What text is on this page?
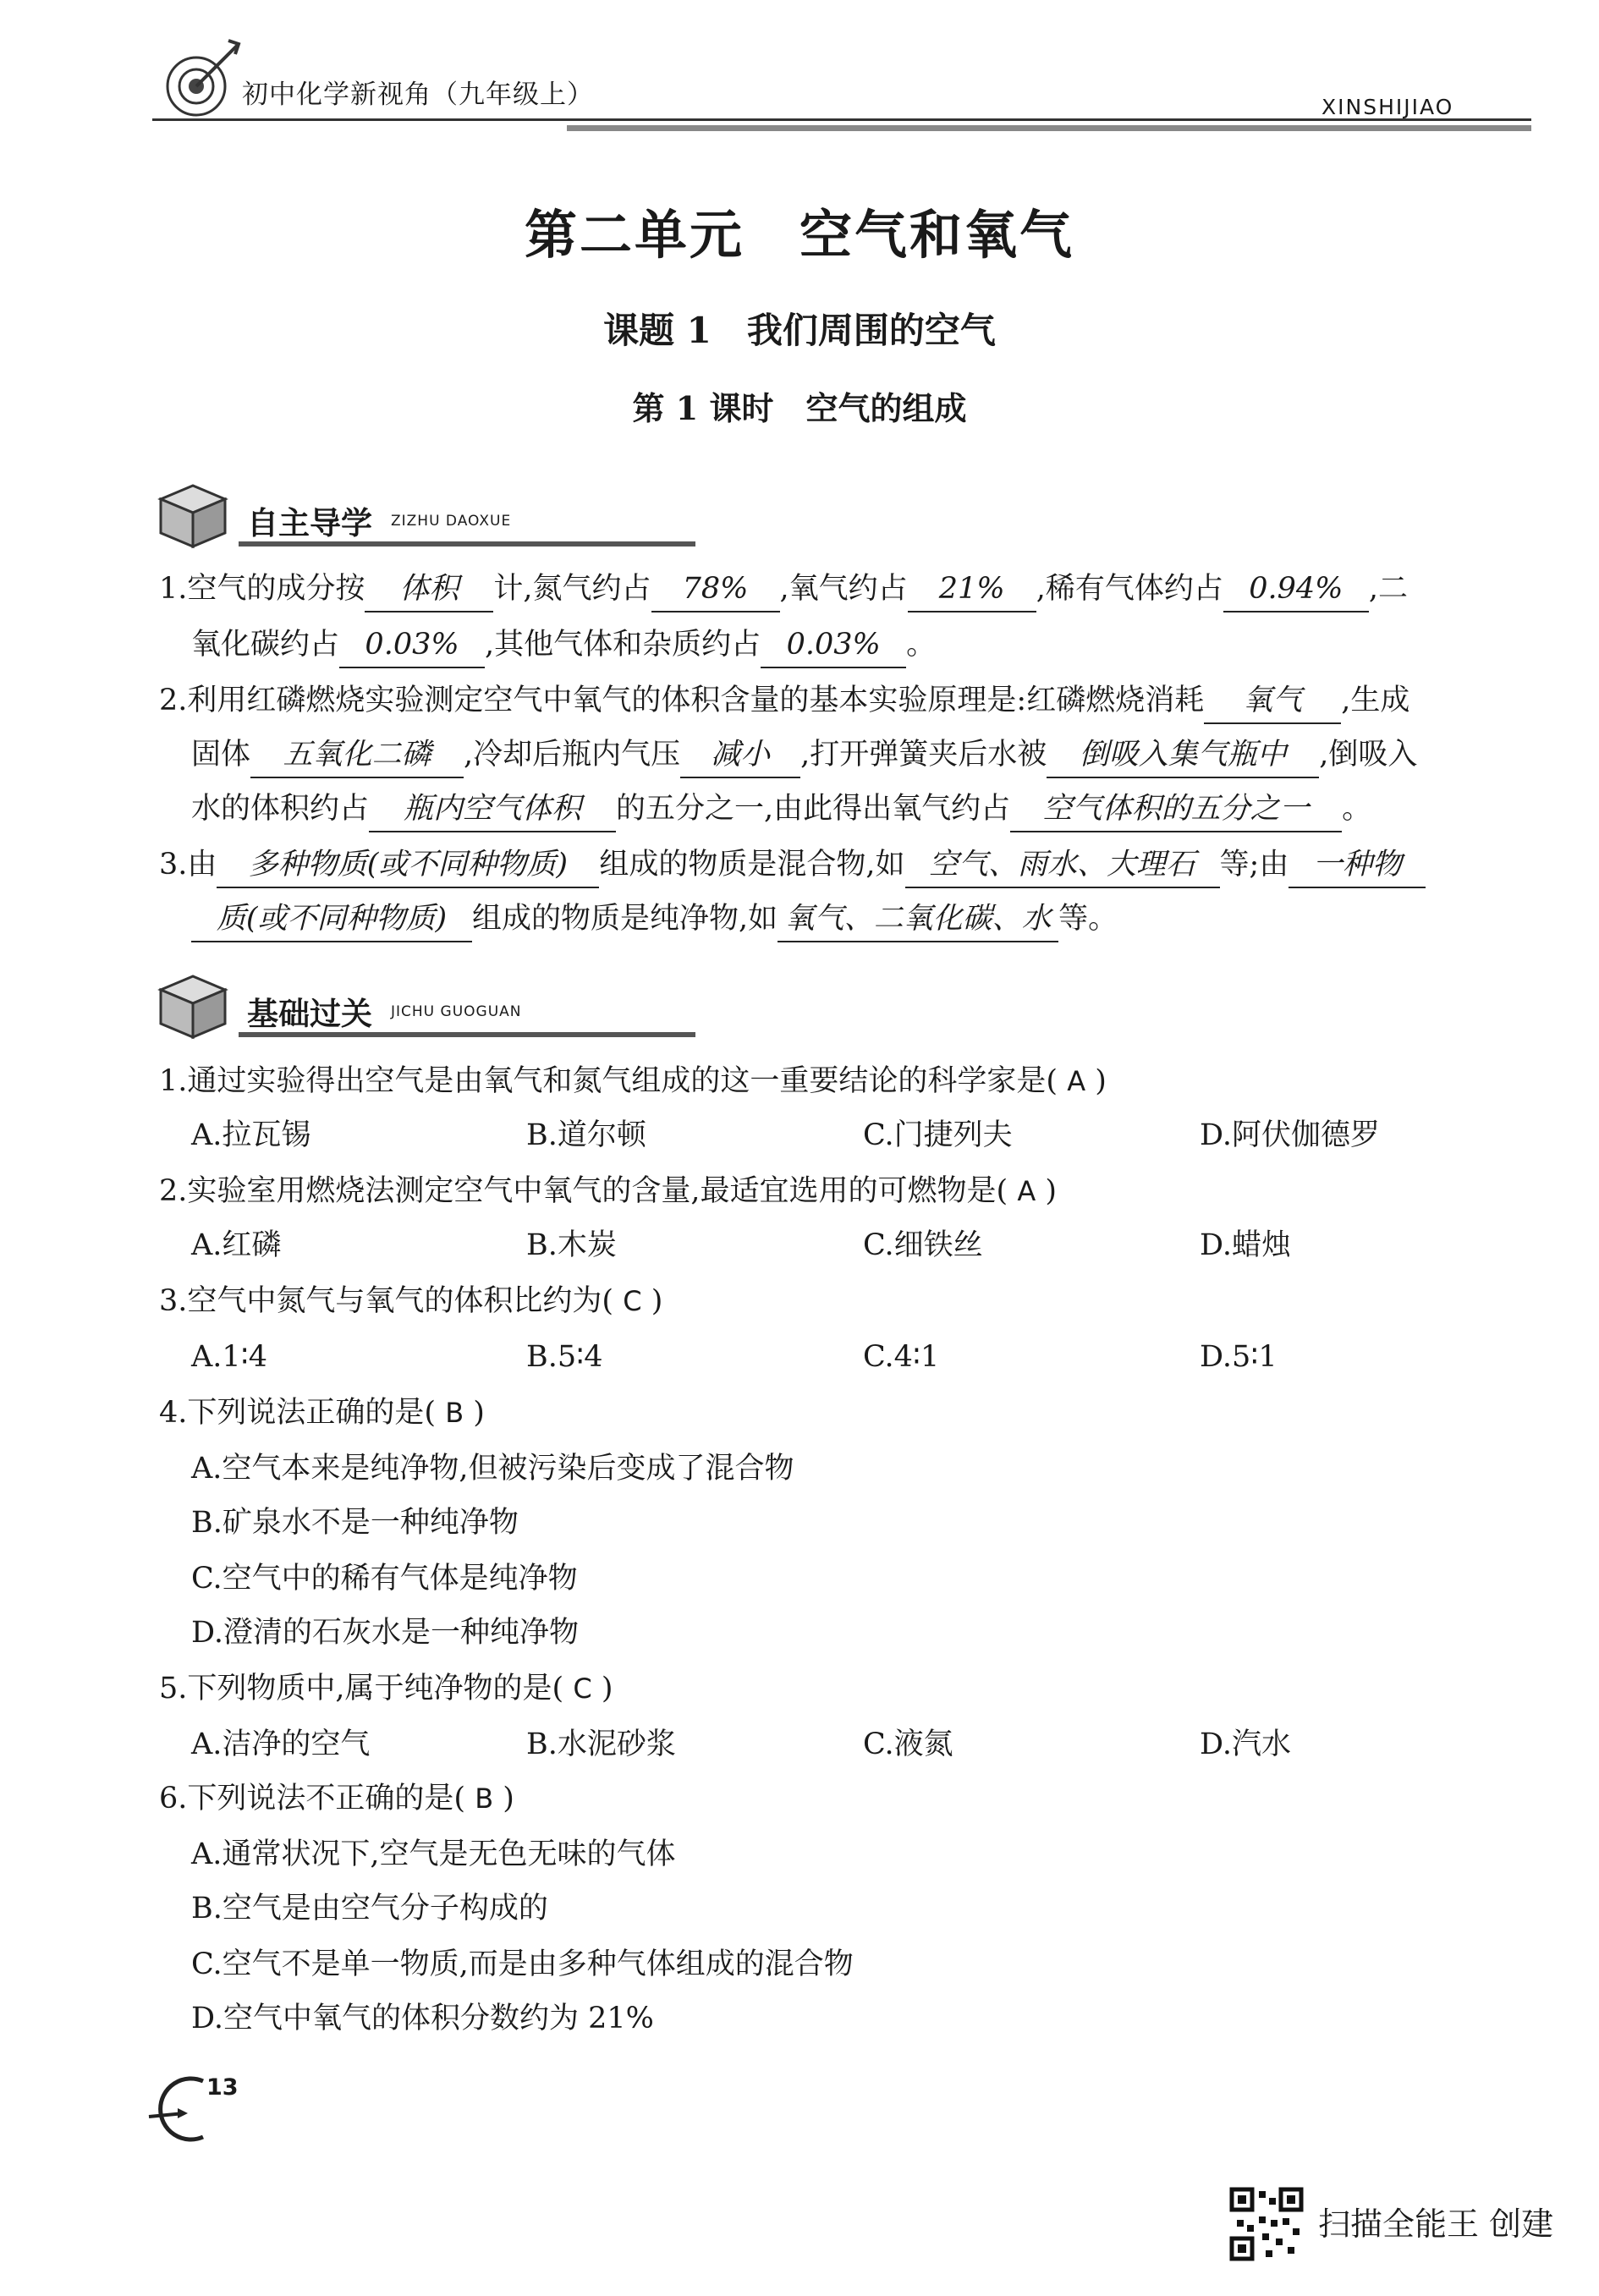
初中化学新视角（九年级上）	XINSHIJIAO
第二单元　空气和氧气
课题 1　我们周围的空气
第 1 课时　空气的组成
自主导学 ZIZHU DAOXUE
1.空气的成分按 体积 计,氮气约占 78% ,氧气约占 21% ,稀有气体约占 0.94% ,二
氧化碳约占 0.03% ,其他气体和杂质约占 0.03% 。
2.利用红磷燃烧实验测定空气中氧气的体积含量的基本实验原理是:红磷燃烧消耗 氧气 ,生成
固体 五氧化二磷 ,冷却后瓶内气压 减小 ,打开弹簧夹后水被 倒吸入集气瓶中 ,倒吸入
水的体积约占 瓶内空气体积 的五分之一,由此得出氧气约占 空气体积的五分之一 。
3.由 多种物质(或不同种物质) 组成的物质是混合物,如 空气、雨水、大理石 等;由 一种物
质(或不同种物质) 组成的物质是纯净物,如 氧气、二氧化碳、水 等。
基础过关 JICHU GUOGUAN
1.通过实验得出空气是由氧气和氮气组成的这一重要结论的科学家是( A )
A.拉瓦锡	B.道尔顿	C.门捷列夫	D.阿伏伽德罗
2.实验室用燃烧法测定空气中氧气的含量,最适宜选用的可燃物是( A )
A.红磷	B.木炭	C.细铁丝	D.蜡烛
3.空气中氮气与氧气的体积比约为( C )
A.1∶4	B.5∶4	C.4∶1	D.5∶1
4.下列说法正确的是( B )
A.空气本来是纯净物,但被污染后变成了混合物
B.矿泉水不是一种纯净物
C.空气中的稀有气体是纯净物
D.澄清的石灰水是一种纯净物
5.下列物质中,属于纯净物的是( C )
A.洁净的空气	B.水泥砂浆	C.液氮	D.汽水
6.下列说法不正确的是( B )
A.通常状况下,空气是无色无味的气体
B.空气是由空气分子构成的
C.空气不是单一物质,而是由多种气体组成的混合物
D.空气中氧气的体积分数约为 21%
13
扫描全能王 创建
